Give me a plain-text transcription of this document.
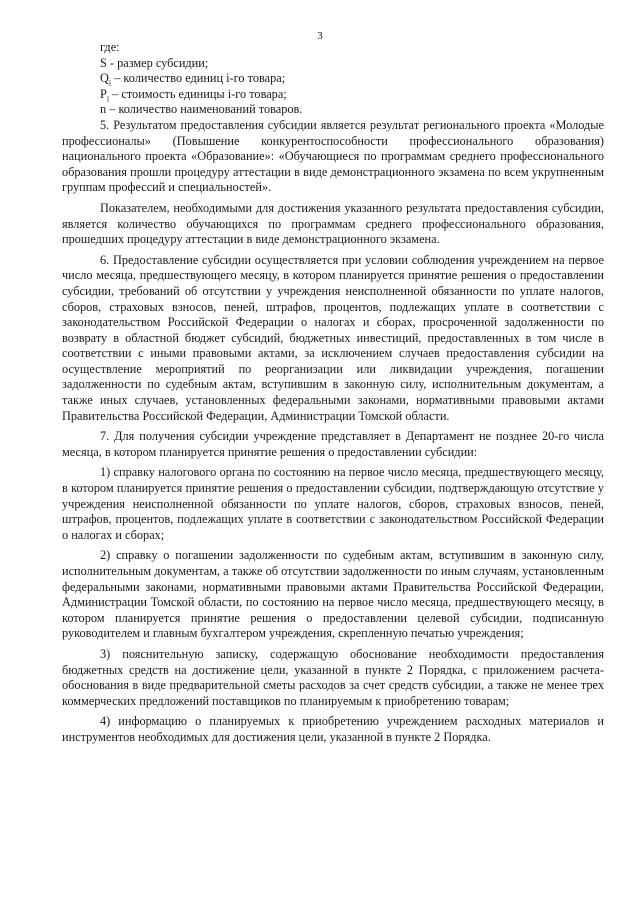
3

где:

S - размер субсидии;

$Q_i$ – количество единиц i-го товара;

$P_i$ – стоимость единицы i-го товара;

n – количество наименований товаров.

5. Результатом предоставления субсидии является результат регионального проекта «Молодые профессионалы» (Повышение конкурентоспособности профессионального образования) национального проекта «Образование»: «Обучающиеся по программам среднего профессионального образования прошли процедуру аттестации в виде демонстрационного экзамена по всем укрупненным группам профессий и специальностей».

Показателем, необходимыми для достижения указанного результата предоставления субсидии, является количество обучающихся по программам среднего профессионального образования, прошедших процедуру аттестации в виде демонстрационного экзамена.

6. Предоставление субсидии осуществляется при условии соблюдения учреждением на первое число месяца, предшествующего месяцу, в котором планируется принятие решения о предоставлении субсидии, требований об отсутствии у учреждения неисполненной обязанности по уплате налогов, сборов, страховых взносов, пеней, штрафов, процентов, подлежащих уплате в соответствии с законодательством Российской Федерации о налогах и сборах, просроченной задолженности по возврату в областной бюджет субсидий, бюджетных инвестиций, предоставленных в том числе в соответствии с иными правовыми актами, за исключением случаев предоставления субсидии на осуществление мероприятий по реорганизации или ликвидации учреждения, погашении задолженности по судебным актам, вступившим в законную силу, исполнительным документам, а также иных случаев, установленных федеральными законами, нормативными правовыми актами Правительства Российской Федерации, Администрации Томской области.

7. Для получения субсидии учреждение представляет в Департамент не позднее 20-го числа месяца, в котором планируется принятие решения о предоставлении субсидии:

1) справку налогового органа по состоянию на первое число месяца, предшествующего месяцу, в котором планируется принятие решения о предоставлении субсидии, подтверждающую отсутствие у учреждения неисполненной обязанности по уплате налогов, сборов, страховых взносов, пеней, штрафов, процентов, подлежащих уплате в соответствии с законодательством Российской Федерации о налогах и сборах;

2) справку о погашении задолженности по судебным актам, вступившим в законную силу, исполнительным документам, а также об отсутствии задолженности по иным случаям, установленным федеральными законами, нормативными правовыми актами Правительства Российской Федерации, Администрации Томской области, по состоянию на первое число месяца, предшествующего месяцу, в котором планируется принятие решения о предоставлении целевой субсидии, подписанную руководителем и главным бухгалтером учреждения, скрепленную печатью учреждения;

3) пояснительную записку, содержащую обоснование необходимости предоставления бюджетных средств на достижение цели, указанной в пункте 2 Порядка, с приложением расчета-обоснования в виде предварительной сметы расходов за счет средств субсидии, а также не менее трех коммерческих предложений поставщиков по планируемым к приобретению товарам;

4) информацию о планируемых к приобретению учреждением расходных материалов и инструментов необходимых для достижения цели, указанной в пункте 2 Порядка.
